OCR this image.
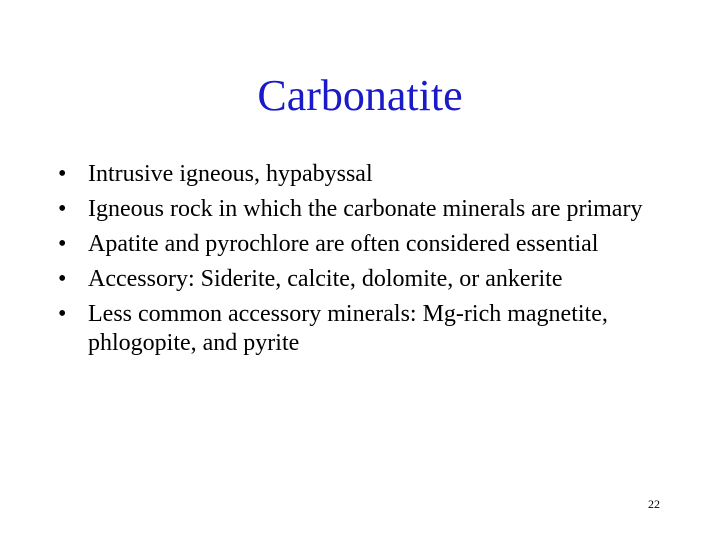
Carbonatite
• Intrusive igneous, hypabyssal
• Igneous rock in which the carbonate minerals are primary
• Apatite and pyrochlore are often considered essential
• Accessory: Siderite, calcite, dolomite, or ankerite
• Less common accessory minerals: Mg-rich magnetite, phlogopite, and pyrite
22
